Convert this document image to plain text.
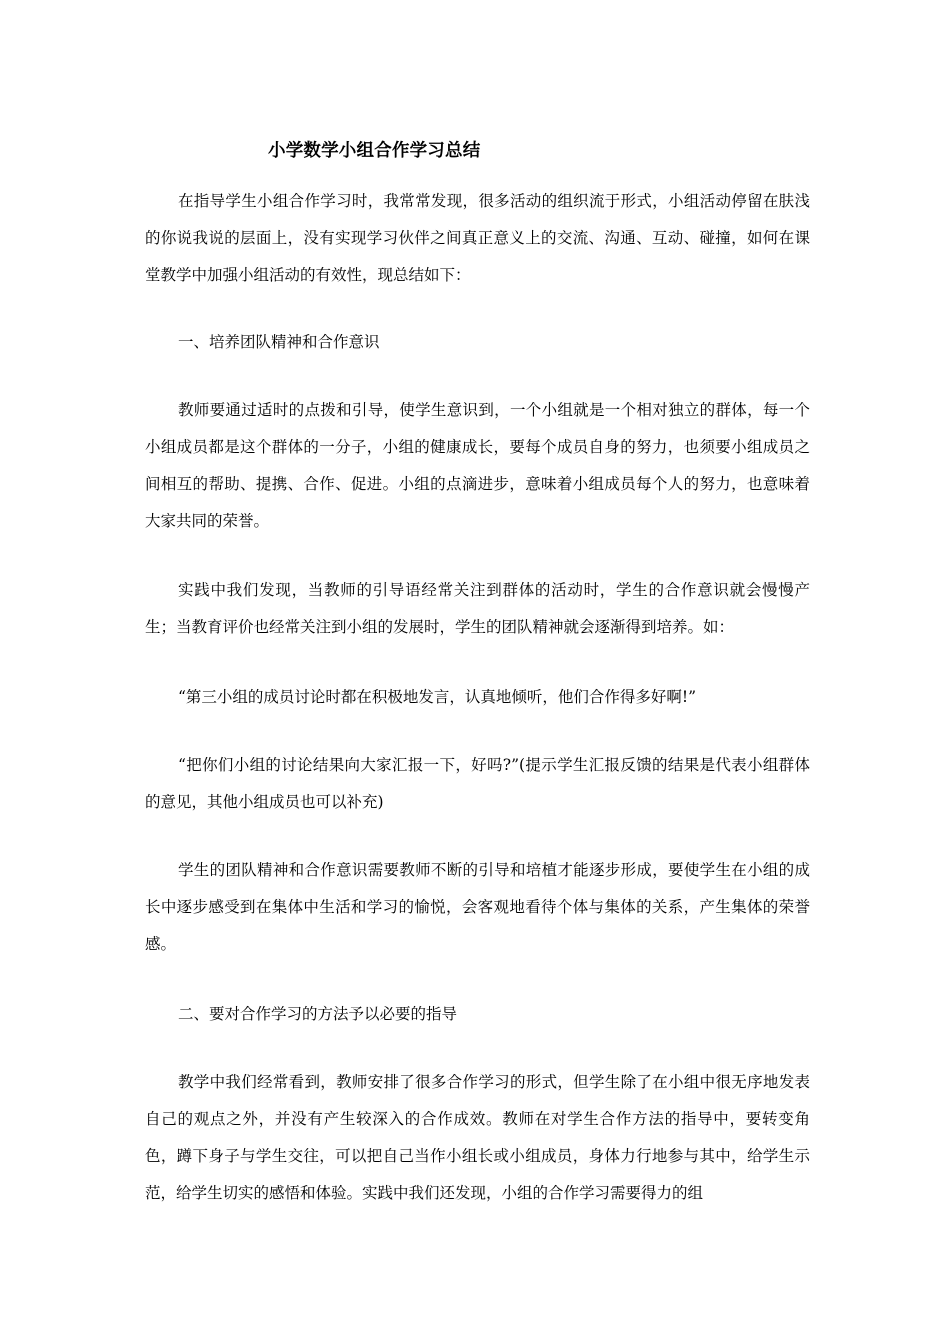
小学数学小组合作学习总结

在指导学生小组合作学习时，我常常发现，很多活动的组织流于形式，小组活动停留在肤浅的你说我说的层面上，没有实现学习伙伴之间真正意义上的交流、沟通、互动、碰撞，如何在课堂教学中加强小组活动的有效性，现总结如下：

一、培养团队精神和合作意识

教师要通过适时的点拨和引导，使学生意识到，一个小组就是一个相对独立的群体，每一个小组成员都是这个群体的一分子，小组的健康成长，要每个成员自身的努力，也须要小组成员之间相互的帮助、提携、合作、促进。小组的点滴进步，意味着小组成员每个人的努力，也意味着大家共同的荣誉。

实践中我们发现，当教师的引导语经常关注到群体的活动时，学生的合作意识就会慢慢产生；当教育评价也经常关注到小组的发展时，学生的团队精神就会逐渐得到培养。如：

“第三小组的成员讨论时都在积极地发言，认真地倾听，他们合作得多好啊!”

“把你们小组的讨论结果向大家汇报一下，好吗?”(提示学生汇报反馈的结果是代表小组群体的意见，其他小组成员也可以补充)

学生的团队精神和合作意识需要教师不断的引导和培植才能逐步形成，要使学生在小组的成长中逐步感受到在集体中生活和学习的愉悦，会客观地看待个体与集体的关系，产生集体的荣誉感。

二、要对合作学习的方法予以必要的指导

教学中我们经常看到，教师安排了很多合作学习的形式，但学生除了在小组中很无序地发表自己的观点之外，并没有产生较深入的合作成效。教师在对学生合作方法的指导中，要转变角色，蹲下身子与学生交往，可以把自己当作小组长或小组成员，身体力行地参与其中，给学生示范，给学生切实的感悟和体验。实践中我们还发现，小组的合作学习需要得力的组
